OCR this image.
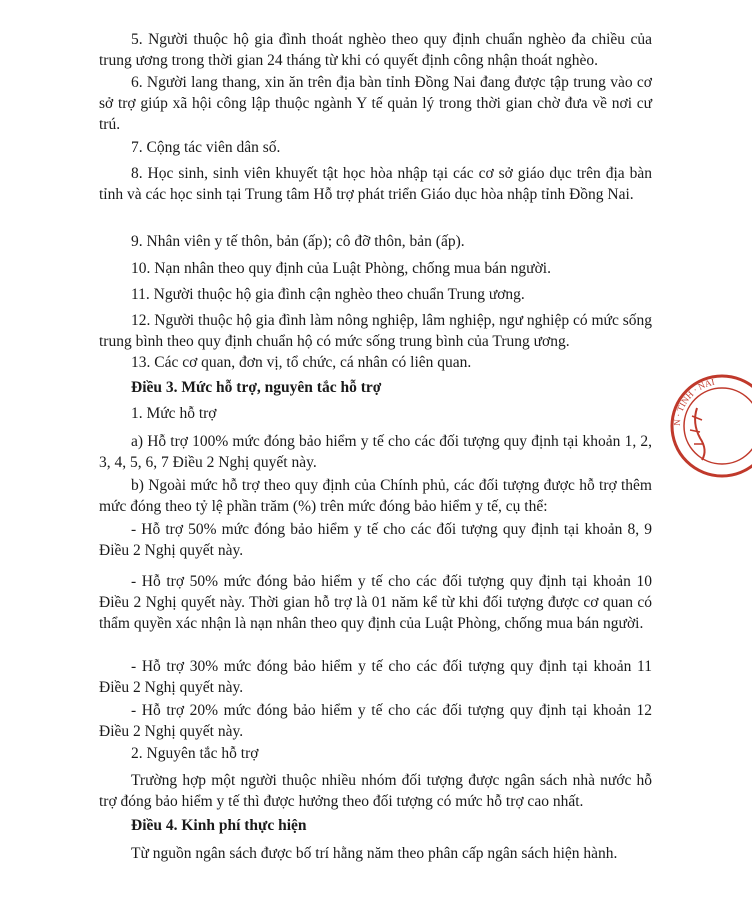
5. Người thuộc hộ gia đình thoát nghèo theo quy định chuẩn nghèo đa chiều của trung ương trong thời gian 24 tháng từ khi có quyết định công nhận thoát nghèo.

6. Người lang thang, xin ăn trên địa bàn tỉnh Đồng Nai đang được tập trung vào cơ sở trợ giúp xã hội công lập thuộc ngành Y tế quản lý trong thời gian chờ đưa về nơi cư trú.

7. Cộng tác viên dân số.

8. Học sinh, sinh viên khuyết tật học hòa nhập tại các cơ sở giáo dục trên địa bàn tỉnh và các học sinh tại Trung tâm Hỗ trợ phát triển Giáo dục hòa nhập tỉnh Đồng Nai.

9. Nhân viên y tế thôn, bản (ấp); cô đỡ thôn, bản (ấp).

10. Nạn nhân theo quy định của Luật Phòng, chống mua bán người.

11. Người thuộc hộ gia đình cận nghèo theo chuẩn Trung ương.

12. Người thuộc hộ gia đình làm nông nghiệp, lâm nghiệp, ngư nghiệp có mức sống trung bình theo quy định chuẩn hộ có mức sống trung bình của Trung ương.

13. Các cơ quan, đơn vị, tổ chức, cá nhân có liên quan.

Điều 3. Mức hỗ trợ, nguyên tắc hỗ trợ

1. Mức hỗ trợ

a) Hỗ trợ 100% mức đóng bảo hiểm y tế cho các đối tượng quy định tại khoản 1, 2, 3, 4, 5, 6, 7 Điều 2 Nghị quyết này.

b) Ngoài mức hỗ trợ theo quy định của Chính phủ, các đối tượng được hỗ trợ thêm mức đóng theo tỷ lệ phần trăm (%) trên mức đóng bảo hiểm y tế, cụ thể:

- Hỗ trợ 50% mức đóng bảo hiểm y tế cho các đối tượng quy định tại khoản 8, 9 Điều 2 Nghị quyết này.

- Hỗ trợ 50% mức đóng bảo hiểm y tế cho các đối tượng quy định tại khoản 10 Điều 2 Nghị quyết này. Thời gian hỗ trợ là 01 năm kể từ khi đối tượng được cơ quan có thẩm quyền xác nhận là nạn nhân theo quy định của Luật Phòng, chống mua bán người.

- Hỗ trợ 30% mức đóng bảo hiểm y tế cho các đối tượng quy định tại khoản 11 Điều 2 Nghị quyết này.

- Hỗ trợ 20% mức đóng bảo hiểm y tế cho các đối tượng quy định tại khoản 12 Điều 2 Nghị quyết này.

2. Nguyên tắc hỗ trợ

Trường hợp một người thuộc nhiều nhóm đối tượng được ngân sách nhà nước hỗ trợ đóng bảo hiểm y tế thì được hưởng theo đối tượng có mức hỗ trợ cao nhất.

Điều 4. Kinh phí thực hiện

Từ nguồn ngân sách được bố trí hằng năm theo phân cấp ngân sách hiện hành.

N · TỈNH · NAI
